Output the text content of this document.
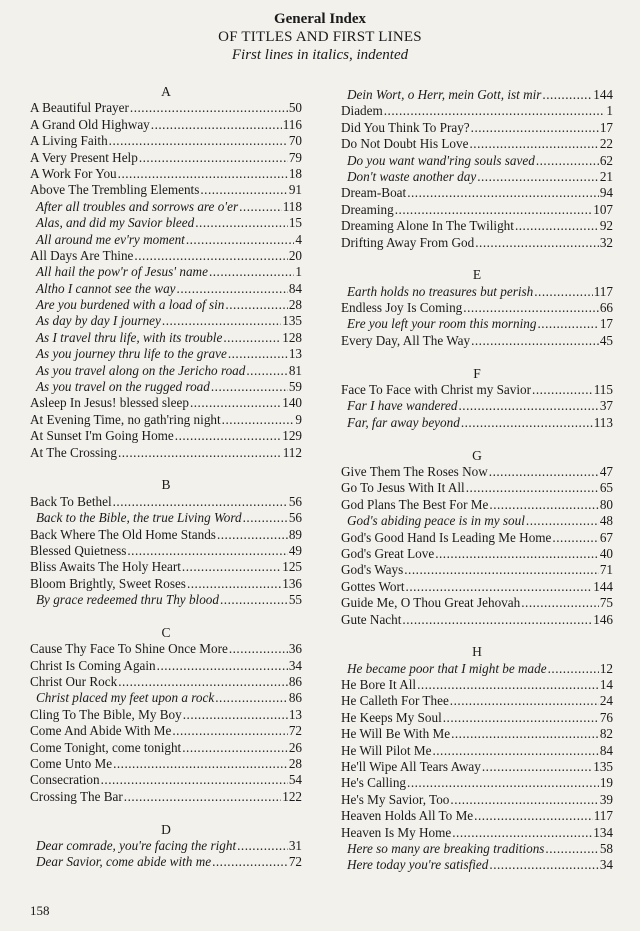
General Index
OF TITLES AND FIRST LINES
First lines in italics, indented
A
A Beautiful Prayer .....	50
A Grand Old Highway .....	116
A Living Faith .....	70
A Very Present Help .....	79
A Work For You .....	18
Above The Trembling Elements .....	91
After all troubles and sorrows are o'er .....	118
Alas, and did my Savior bleed .....	15
All around me ev'ry moment .....	4
All Days Are Thine .....	20
All hail the pow'r of Jesus' name .....	1
Altho I cannot see the way .....	84
Are you burdened with a load of sin .....	28
As day by day I journey .....	135
As I travel thru life, with its trouble .....	128
As you journey thru life to the grave .....	13
As you travel along on the Jericho road .....	81
As you travel on the rugged road .....	59
Asleep In Jesus! blessed sleep .....	140
At Evening Time, no gath'ring night .....	9
At Sunset I'm Going Home .....	129
At The Crossing .....	112
B
Back To Bethel .....	56
Back to the Bible, the true Living Word .....	56
Back Where The Old Home Stands .....	89
Blessed Quietness .....	49
Bliss Awaits The Holy Heart .....	125
Bloom Brightly, Sweet Roses .....	136
By grace redeemed thru Thy blood .....	55
C
Cause Thy Face To Shine Once More .....	36
Christ Is Coming Again .....	34
Christ Our Rock .....	86
Christ placed my feet upon a rock .....	86
Cling To The Bible, My Boy .....	13
Come And Abide With Me .....	72
Come Tonight, come tonight .....	26
Come Unto Me .....	28
Consecration .....	54
Crossing The Bar .....	122
D
Dear comrade, you're facing the right .....	31
Dear Savior, come abide with me .....	72
Dein Wort, o Herr, mein Gott, ist mir .....	144
Diadem .....	1
Did You Think To Pray? .....	17
Do Not Doubt His Love .....	22
Do you want wand'ring souls saved .....	62
Don't waste another day .....	21
Dream-Boat .....	94
Dreaming .....	107
Dreaming Alone In The Twilight .....	92
Drifting Away From God .....	32
E
Earth holds no treasures but perish .....	117
Endless Joy Is Coming .....	66
Ere you left your room this morning .....	17
Every Day, All The Way .....	45
F
Face To Face with Christ my Savior .....	115
Far I have wandered .....	37
Far, far away beyond .....	113
G
Give Them The Roses Now .....	47
Go To Jesus With It All .....	65
God Plans The Best For Me .....	80
God's abiding peace is in my soul .....	48
God's Good Hand Is Leading Me Home .....	67
God's Great Love .....	40
God's Ways .....	71
Gottes Wort .....	144
Guide Me, O Thou Great Jehovah .....	75
Gute Nacht .....	146
H
He became poor that I might be made .....	12
He Bore It All .....	14
He Calleth For Thee .....	24
He Keeps My Soul .....	76
He Will Be With Me .....	82
He Will Pilot Me .....	84
He'll Wipe All Tears Away .....	135
He's Calling .....	19
He's My Savior, Too .....	39
Heaven Holds All To Me .....	117
Heaven Is My Home .....	134
Here so many are breaking traditions .....	58
Here today you're satisfied .....	34
158
